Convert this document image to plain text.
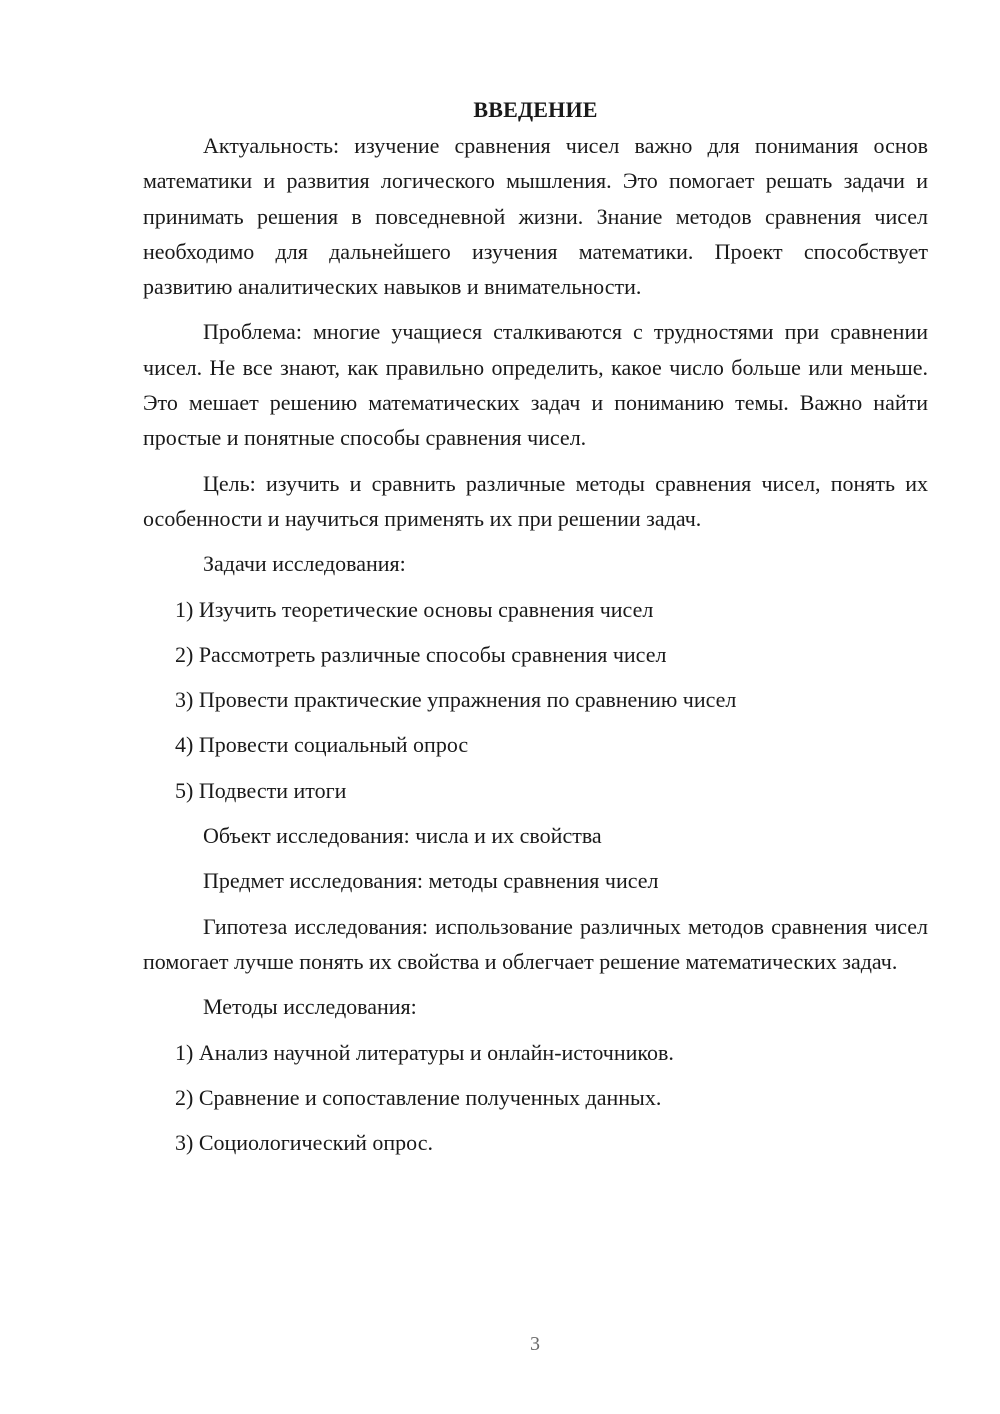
ВВЕДЕНИЕ

Актуальность: изучение сравнения чисел важно для понимания основ математики и развития логического мышления. Это помогает решать задачи и принимать решения в повседневной жизни. Знание методов сравнения чисел необходимо для дальнейшего изучения математики. Проект способствует развитию аналитических навыков и внимательности.

Проблема: многие учащиеся сталкиваются с трудностями при сравнении чисел. Не все знают, как правильно определить, какое число больше или меньше. Это мешает решению математических задач и пониманию темы. Важно найти простые и понятные способы сравнения чисел.

Цель: изучить и сравнить различные методы сравнения чисел, понять их особенности и научиться применять их при решении задач.

Задачи исследования:
1) Изучить теоретические основы сравнения чисел
2) Рассмотреть различные способы сравнения чисел
3) Провести практические упражнения по сравнению чисел
4) Провести социальный опрос
5) Подвести итоги
Объект исследования: числа и их свойства
Предмет исследования: методы сравнения чисел

Гипотеза исследования: использование различных методов сравнения чисел помогает лучше понять их свойства и облегчает решение математических задач.

Методы исследования:
1) Анализ научной литературы и онлайн-источников.
2) Сравнение и сопоставление полученных данных.
3) Социологический опрос.
3
